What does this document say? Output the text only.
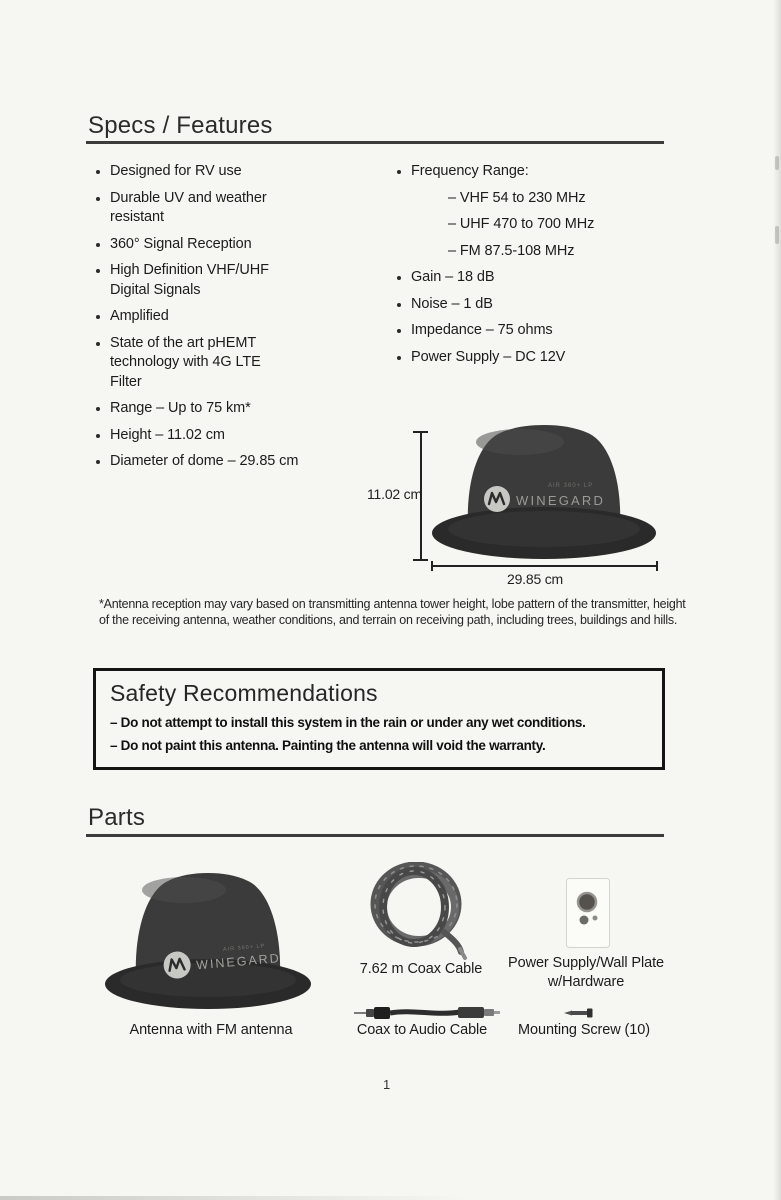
Specs / Features
Designed for RV use
Durable UV and weather resistant
360° Signal Reception
High Definition VHF/UHF Digital Signals
Amplified
State of the art pHEMT technology with 4G LTE Filter
Range – Up to 75 km*
Height – 11.02 cm
Diameter of dome – 29.85 cm
Frequency Range:
– VHF 54 to 230 MHz
– UHF 470 to 700 MHz
– FM 87.5-108 MHz
Gain – 18 dB
Noise – 1 dB
Impedance – 75 ohms
Power Supply – DC 12V
WINEGARD
AIR 360+ LP
11.02 cm
29.85 cm
*Antenna reception may vary based on transmitting antenna tower height, lobe pattern of the transmitter, height of the receiving antenna, weather conditions, and terrain on receiving path, including trees, buildings and hills.
Safety Recommendations
– Do not attempt to install this system in the rain or under any wet conditions.
– Do not paint this antenna. Painting the antenna will void the warranty.
Parts
WINEGARD
AIR 360+ LP
Antenna with FM antenna
7.62 m Coax Cable	Power Supply/Wall Plate w/Hardware
Coax to Audio Cable	Mounting Screw (10)
1
